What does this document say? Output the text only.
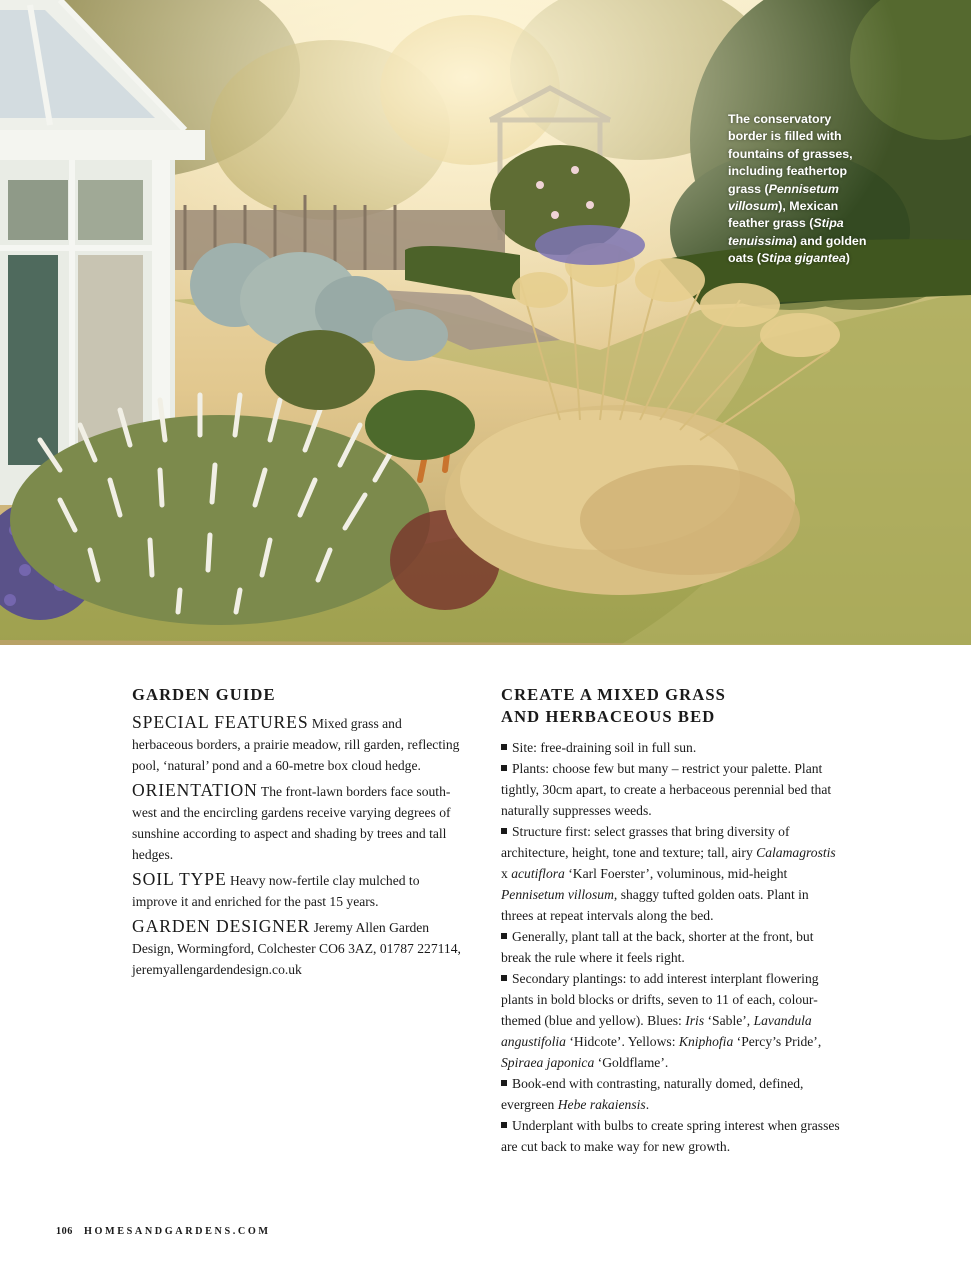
The conservatory border is filled with fountains of grasses, including feathertop grass (Pennisetum villosum), Mexican feather grass (Stipa tenuissima) and golden oats (Stipa gigantea)
GARDEN GUIDE

SPECIAL FEATURES Mixed grass and herbaceous borders, a prairie meadow, rill garden, reflecting pool, ‘natural’ pond and a 60-metre box cloud hedge.

ORIENTATION The front-lawn borders face south-west and the encircling gardens receive varying degrees of sunshine according to aspect and shading by trees and tall hedges.

SOIL TYPE Heavy now-fertile clay mulched to improve it and enriched for the past 15 years.

GARDEN DESIGNER Jeremy Allen Garden Design, Wormingford, Colchester CO6 3AZ, 01787 227114, jeremyallengardendesign.co.uk

CREATE A MIXED GRASS
AND HERBACEOUS BED
Site: free-draining soil in full sun.
Plants: choose few but many – restrict your palette. Plant tightly, 30cm apart, to create a herbaceous perennial bed that naturally suppresses weeds.
Structure first: select grasses that bring diversity of architecture, height, tone and texture; tall, airy Calamagrostis x acutiflora ‘Karl Foerster’, voluminous, mid-height Pennisetum villosum, shaggy tufted golden oats. Plant in threes at repeat intervals along the bed.
Generally, plant tall at the back, shorter at the front, but break the rule where it feels right.
Secondary plantings: to add interest interplant flowering plants in bold blocks or drifts, seven to 11 of each, colour-themed (blue and yellow). Blues: Iris ‘Sable’, Lavandula angustifolia ‘Hidcote’. Yellows: Kniphofia ‘Percy’s Pride’, Spiraea japonica ‘Goldflame’.
Book-end with contrasting, naturally domed, defined, evergreen Hebe rakaiensis.
Underplant with bulbs to create spring interest when grasses are cut back to make way for new growth.
106 HOMESANDGARDENS.COM
